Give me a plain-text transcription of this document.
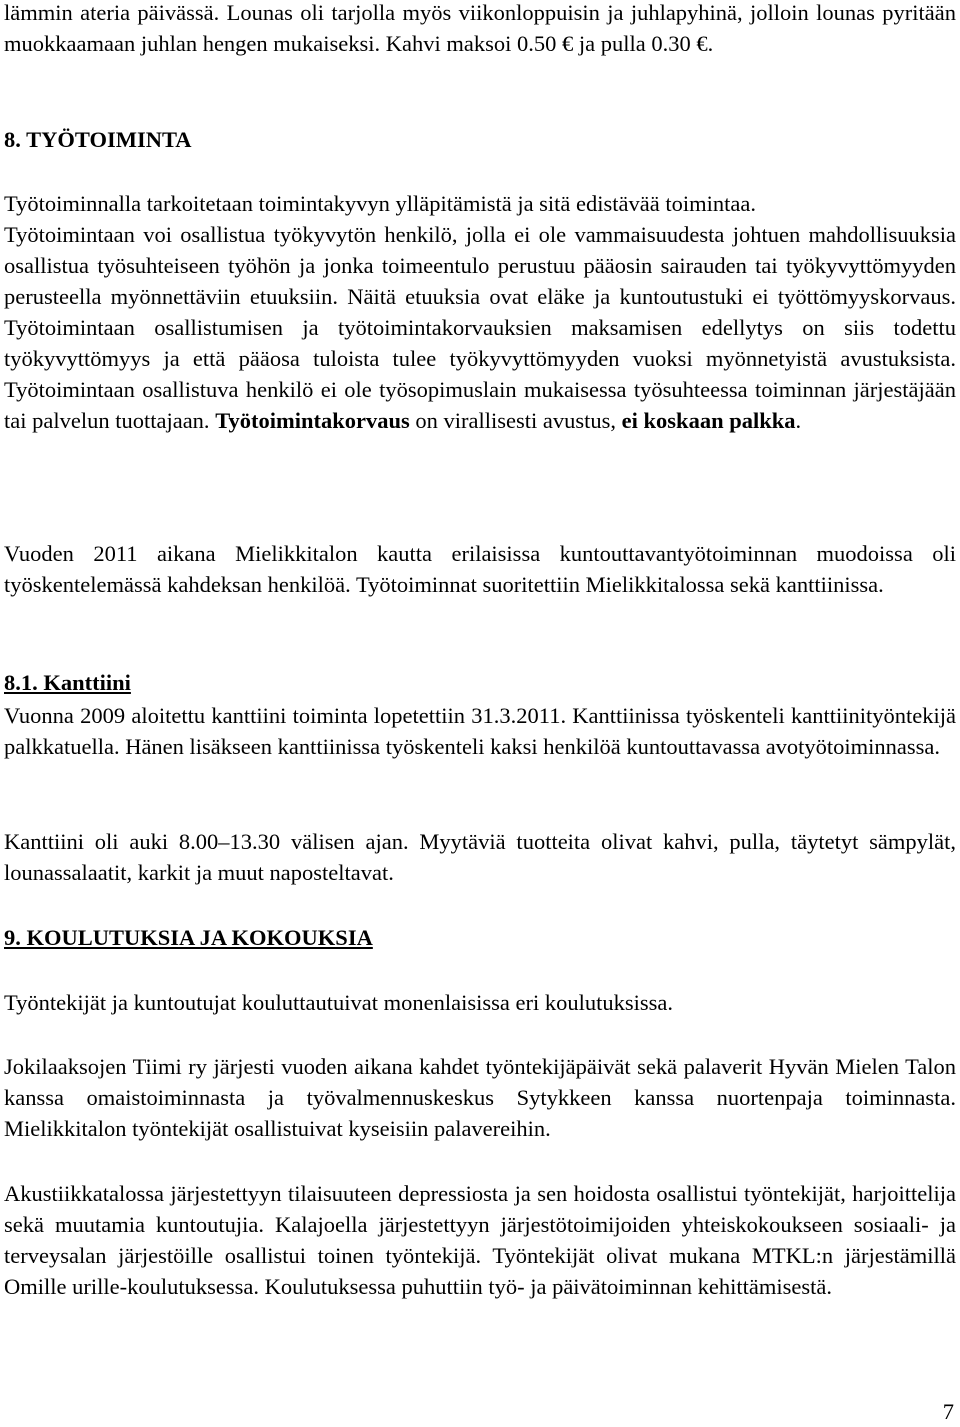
lämmin ateria päivässä. Lounas oli tarjolla myös viikonloppuisin ja juhlapyhinä, jolloin lounas pyritään muokkaamaan juhlan hengen mukaiseksi. Kahvi maksoi 0.50 € ja pulla 0.30 €.

8. TYÖTOIMINTA

Työtoiminnalla tarkoitetaan toimintakyvyn ylläpitämistä ja sitä edistävää toimintaa.

Työtoimintaan voi osallistua työkyvytön henkilö, jolla ei ole vammaisuudesta johtuen mahdollisuuksia osallistua työsuhteiseen työhön ja jonka toimeentulo perustuu pääosin sairauden tai työkyvyttömyyden perusteella myönnettäviin etuuksiin. Näitä etuuksia ovat eläke ja kuntoutustuki ei työttömyyskorvaus. Työtoimintaan osallistumisen ja työtoimintakorvauksien maksamisen edellytys on siis todettu työkyvyttömyys ja että pääosa tuloista tulee työkyvyttömyyden vuoksi myönnetyistä avustuksista. Työtoimintaan osallistuva henkilö ei ole työsopimuslain mukaisessa työsuhteessa toiminnan järjestäjään tai palvelun tuottajaan. Työtoimintakorvaus on virallisesti avustus, ei koskaan palkka.

Vuoden 2011 aikana Mielikkitalon kautta erilaisissa kuntouttavantyötoiminnan muodoissa oli työskentelemässä kahdeksan henkilöä. Työtoiminnat suoritettiin Mielikkitalossa sekä kanttiinissa.

8.1. Kanttiini

Vuonna 2009 aloitettu kanttiini toiminta lopetettiin 31.3.2011. Kanttiinissa työskenteli kanttiinityöntekijä palkkatuella. Hänen lisäkseen kanttiinissa työskenteli kaksi henkilöä kuntouttavassa avotyötoiminnassa.

Kanttiini oli auki 8.00–13.30 välisen ajan. Myytäviä tuotteita olivat kahvi, pulla, täytetyt sämpylät, lounassalaatit, karkit ja muut naposteltavat.

9. KOULUTUKSIA JA KOKOUKSIA

Työntekijät ja kuntoutujat kouluttautuivat monenlaisissa eri koulutuksissa.

Jokilaaksojen Tiimi ry järjesti vuoden aikana kahdet työntekijäpäivät sekä palaverit Hyvän Mielen Talon kanssa omaistoiminnasta ja työvalmennuskeskus Sytykkeen kanssa nuortenpaja toiminnasta. Mielikkitalon työntekijät osallistuivat kyseisiin palavereihin.

Akustiikkatalossa järjestettyyn tilaisuuteen depressiosta ja sen hoidosta osallistui työntekijät, harjoittelija sekä muutamia kuntoutujia. Kalajoella järjestettyyn järjestötoimijoiden yhteiskokoukseen sosiaali- ja terveysalan järjestöille osallistui toinen työntekijä. Työntekijät olivat mukana MTKL:n järjestämillä Omille urille-koulutuksessa. Koulutuksessa puhuttiin työ- ja päivätoiminnan kehittämisestä.

7
